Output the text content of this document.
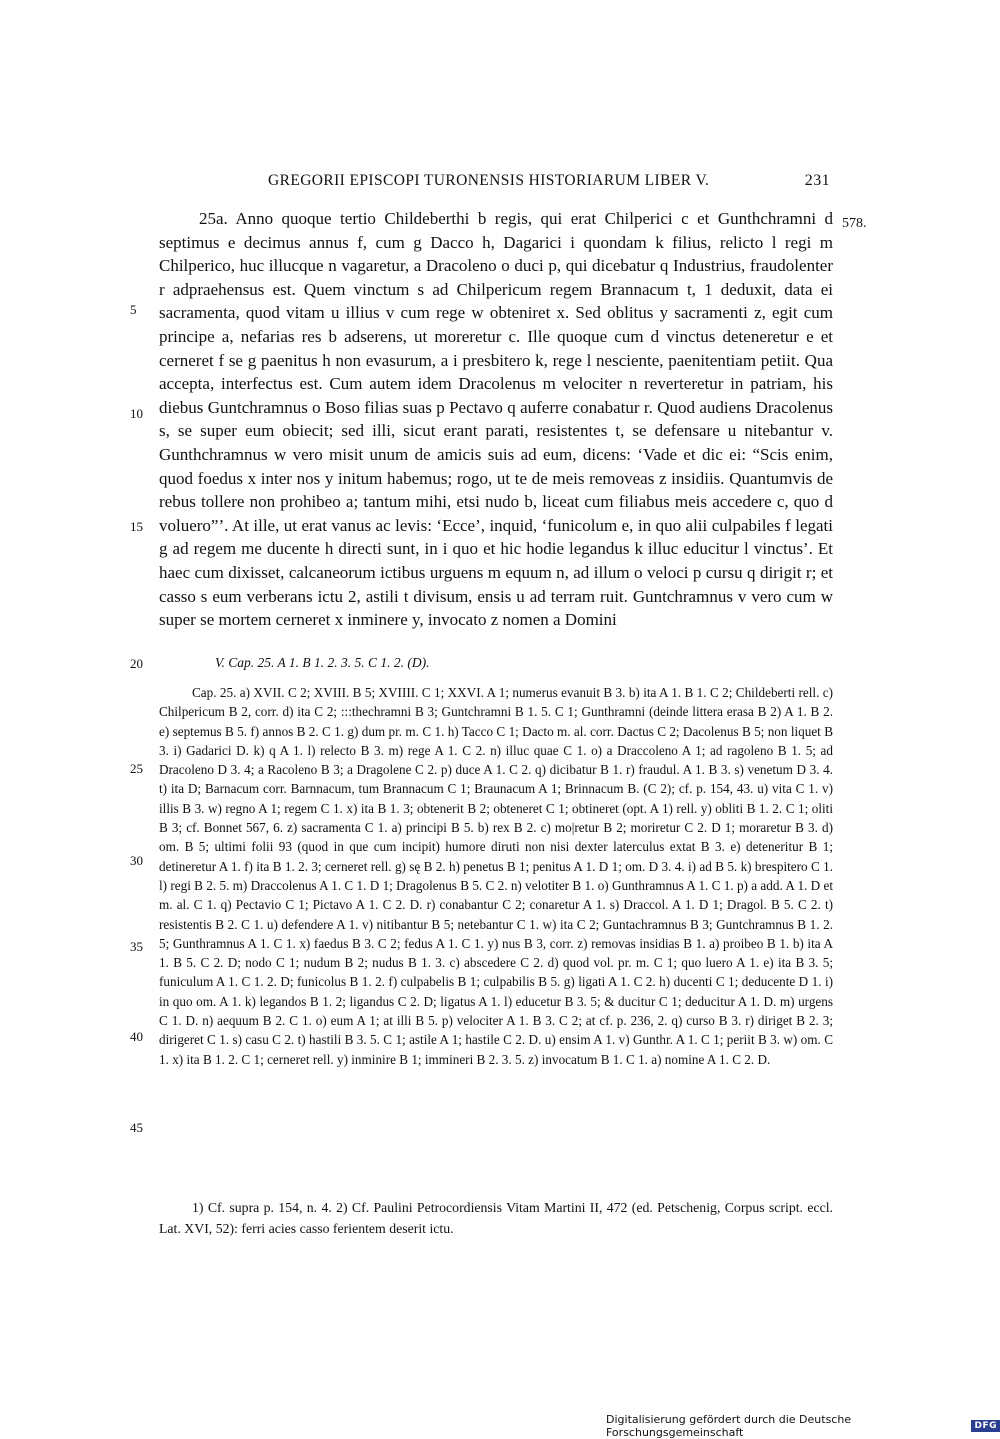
GREGORII EPISCOPI TURONENSIS HISTORIARUM LIBER V.	231
578.
5
10
15
20
25
30
35
40
45

25a. Anno quoque tertio Childeberthi b regis, qui erat Chilperici c et Gunthchramni d septimus e decimus annus f, cum g Dacco h, Dagarici i quondam k filius, relicto l regi m Chilperico, huc illucque n vagaretur, a Dracoleno o duci p, qui dicebatur q Industrius, fraudolenter r adpraehensus est. Quem vinctum s ad Chilpericum regem Brannacum t, 1 deduxit, data ei sacramenta, quod vitam u illius v cum rege w obteniret x. Sed oblitus y sacramenti z, egit cum principe a, nefarias res b adserens, ut moreretur c. Ille quoque cum d vinctus deteneretur e et cerneret f se g paenitus h non evasurum, a i presbitero k, rege l nesciente, paenitentiam petiit. Qua accepta, interfectus est. Cum autem idem Dracolenus m velociter n reverteretur in patriam, his diebus Guntchramnus o Boso filias suas p Pectavo q auferre conabatur r. Quod audiens Dracolenus s, se super eum obiecit; sed illi, sicut erant parati, resistentes t, se defensare u nitebantur v. Gunthchramnus w vero misit unum de amicis suis ad eum, dicens: ‘Vade et dic ei: “Scis enim, quod foedus x inter nos y initum habemus; rogo, ut te de meis removeas z insidiis. Quantumvis de rebus tollere non prohibeo a; tantum mihi, etsi nudo b, liceat cum filiabus meis accedere c, quo d voluero”’. At ille, ut erat vanus ac levis: ‘Ecce’, inquid, ‘funicolum e, in quo alii culpabiles f legati g ad regem me ducente h directi sunt, in i quo et hic hodie legandus k illuc educitur l vinctus’. Et haec cum dixisset, calcaneorum ictibus urguens m equum n, ad illum o veloci p cursu q dirigit r; et casso s eum verberans ictu 2, astili t divisum, ensis u ad terram ruit. Guntchramnus v vero cum w super se mortem cerneret x inminere y, invocato z nomen a Domini

V. Cap. 25. A 1. B 1. 2. 3. 5. C 1. 2. (D).

Cap. 25. a) XVII. C 2; XVIII. B 5; XVIIII. C 1; XXVI. A 1; numerus evanuit B 3. b) ita A 1. B 1. C 2; Childeberti rell. c) Chilpericum B 2, corr. d) ita C 2; :::thechramni B 3; Guntchramni B 1. 5. C 1; Gunthramni (deinde littera erasa B 2) A 1. B 2. e) septemus B 5. f) annos B 2. C 1. g) dum pr. m. C 1. h) Tacco C 1; Dacto m. al. corr. Dactus C 2; Dacolenus B 5; non liquet B 3. i) Gadarici D. k) q A 1. l) relecto B 3. m) rege A 1. C 2. n) illuc quae C 1. o) a Draccoleno A 1; ad ragoleno B 1. 5; ad Dracoleno D 3. 4; a Racoleno B 3; a Dragolene C 2. p) duce A 1. C 2. q) dicibatur B 1. r) fraudul. A 1. B 3. s) venetum D 3. 4. t) ita D; Barnacum corr. Barnnacum, tum Brannacum C 1; Braunacum A 1; Brinnacum B. (C 2); cf. p. 154, 43. u) vita C 1. v) illis B 3. w) regno A 1; regem C 1. x) ita B 1. 3; obtenerit B 2; obteneret C 1; obtineret (opt. A 1) rell. y) obliti B 1. 2. C 1; oliti B 3; cf. Bonnet 567, 6. z) sacramenta C 1. a) principi B 5. b) rex B 2. c) mo|retur B 2; moriretur C 2. D 1; moraretur B 3. d) om. B 5; ultimi folii 93 (quod in que cum incipit) humore diruti non nisi dexter laterculus extat B 3. e) deteneritur B 1; detineretur A 1. f) ita B 1. 2. 3; cerneret rell. g) sę B 2. h) penetus B 1; penitus A 1. D 1; om. D 3. 4. i) ad B 5. k) brespitero C 1. l) regi B 2. 5. m) Draccolenus A 1. C 1. D 1; Dragolenus B 5. C 2. n) velotiter B 1. o) Gunthramnus A 1. C 1. p) a add. A 1. D et m. al. C 1. q) Pectavio C 1; Pictavo A 1. C 2. D. r) conabantur C 2; conaretur A 1. s) Draccol. A 1. D 1; Dragol. B 5. C 2. t) resistentis B 2. C 1. u) defendere A 1. v) nitibantur B 5; netebantur C 1. w) ita C 2; Guntachramnus B 3; Guntchramnus B 1. 2. 5; Gunthramnus A 1. C 1. x) faedus B 3. C 2; fedus A 1. C 1. y) nus B 3, corr. z) removas insidias B 1. a) proibeo B 1. b) ita A 1. B 5. C 2. D; nodo C 1; nudum B 2; nudus B 1. 3. c) abscedere C 2. d) quod vol. pr. m. C 1; quo luero A 1. e) ita B 3. 5; funiculum A 1. C 1. 2. D; funicolus B 1. 2. f) culpabelis B 1; culpabilis B 5. g) ligati A 1. C 2. h) ducenti C 1; deducente D 1. i) in quo om. A 1. k) legandos B 1. 2; ligandus C 2. D; ligatus A 1. l) educetur B 3. 5; & ducitur C 1; deducitur A 1. D. m) urgens C 1. D. n) aequum B 2. C 1. o) eum A 1; at illi B 5. p) velociter A 1. B 3. C 2; at cf. p. 236, 2. q) curso B 3. r) diriget B 2. 3; dirigeret C 1. s) casu C 2. t) hastili B 3. 5. C 1; astile A 1; hastile C 2. D. u) ensim A 1. v) Gunthr. A 1. C 1; periit B 3. w) om. C 1. x) ita B 1. 2. C 1; cerneret rell. y) inminire B 1; immineri B 2. 3. 5. z) invocatum B 1. C 1. a) nomine A 1. C 2. D.

1) Cf. supra p. 154, n. 4. 2) Cf. Paulini Petrocordiensis Vitam Martini II, 472 (ed. Petschenig, Corpus script. eccl. Lat. XVI, 52): ferri acies casso ferientem deserit ictu.

Digitalisierung gefördert durch die Deutsche Forschungsgemeinschaft	DFG
